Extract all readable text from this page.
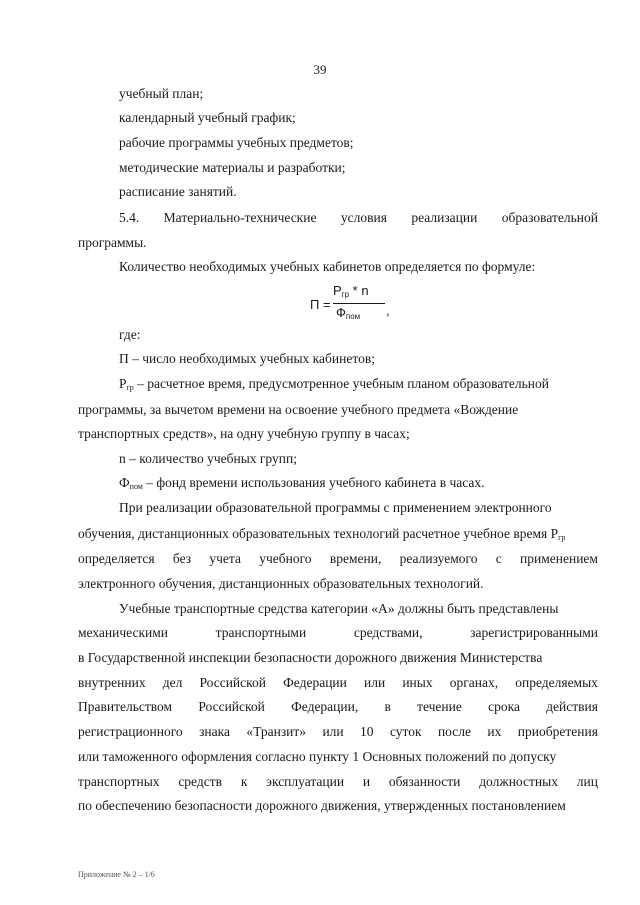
39
учебный план;
календарный учебный график;
рабочие программы учебных предметов;
методические материалы и разработки;
расписание занятий.
5.4. Материально-технические условия реализации образовательной
программы.
Количество необходимых учебных кабинетов определяется по формуле:
П =
$Р_{гр}$ * n
$Ф_{пом}$ ,
где:
П – число необходимых учебных кабинетов;
$Р_{гр}$ – расчетное время, предусмотренное учебным планом образовательной
программы, за вычетом времени на освоение учебного предмета «Вождение
транспортных средств», на одну учебную группу в часах;
n – количество учебных групп;
$Ф_{пом}$ – фонд времени использования учебного кабинета в часах.
При реализации образовательной программы с применением электронного
обучения, дистанционных образовательных технологий расчетное учебное время $Р_{гр}$
определяется без учета учебного времени, реализуемого с применением
электронного обучения, дистанционных образовательных технологий.
Учебные транспортные средства категории «А» должны быть представлены
механическими	транспортными	средствами,	зарегистрированными
в Государственной инспекции безопасности дорожного движения Министерства
внутренних дел Российской Федерации или иных органах, определяемых
Правительством Российской Федерации, в течение срока действия
регистрационного знака «Транзит» или 10 суток после их приобретения
или таможенного оформления согласно пункту 1 Основных положений по допуску
транспортных средств к эксплуатации и обязанности должностных лиц
по обеспечению безопасности дорожного движения, утвержденных постановлением
Приложение № 2 – 1/6
